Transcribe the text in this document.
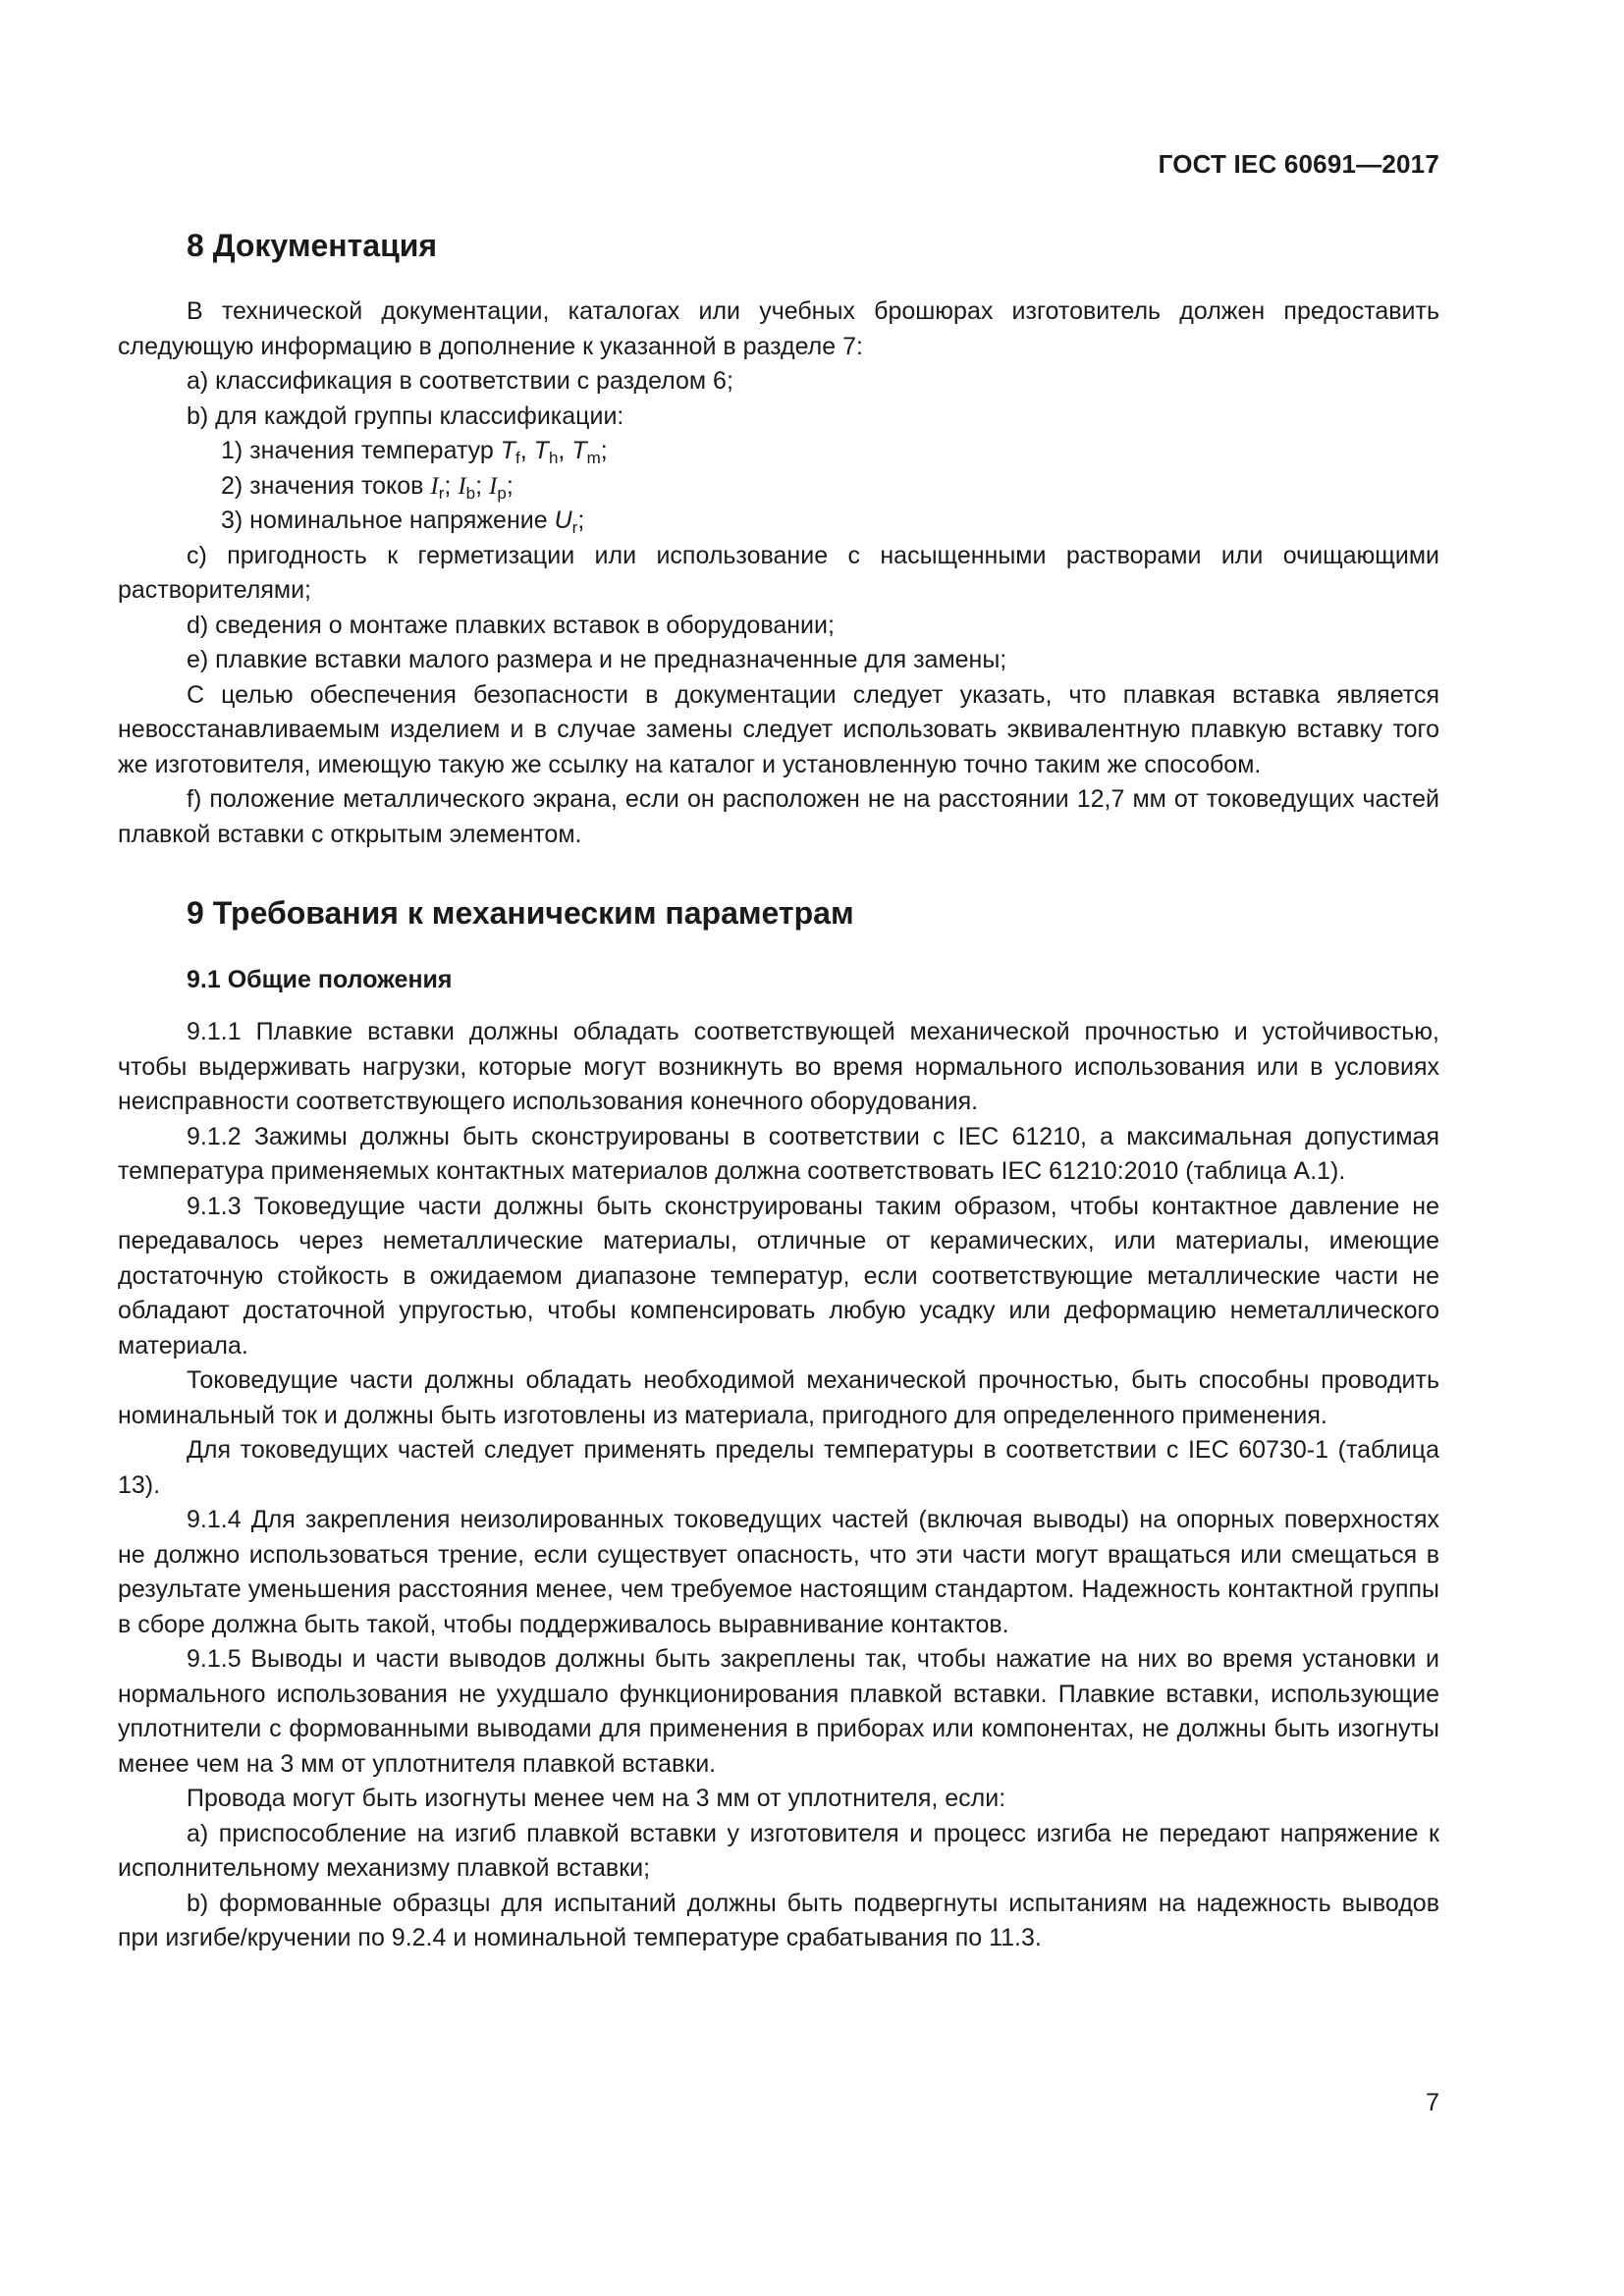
ГОСТ IEC 60691—2017
8 Документация

В технической документации, каталогах или учебных брошюрах изготовитель должен предоставить следующую информацию в дополнение к указанной в разделе 7:

a) классификация в соответствии с разделом 6;

b) для каждой группы классификации:

1) значения температур $T_f$, $T_h$, $T_m$;

2) значения токов $I_r$; $I_b$; $I_p$;

3) номинальное напряжение $U_r$;

c) пригодность к герметизации или использование с насыщенными растворами или очищающими растворителями;

d) сведения о монтаже плавких вставок в оборудовании;

e) плавкие вставки малого размера и не предназначенные для замены;

С целью обеспечения безопасности в документации следует указать, что плавкая вставка является невосстанавливаемым изделием и в случае замены следует использовать эквивалентную плавкую вставку того же изготовителя, имеющую такую же ссылку на каталог и установленную точно таким же способом.

f) положение металлического экрана, если он расположен не на расстоянии 12,7 мм от токоведущих частей плавкой вставки с открытым элементом.

9 Требования к механическим параметрам
9.1 Общие положения

9.1.1 Плавкие вставки должны обладать соответствующей механической прочностью и устойчивостью, чтобы выдерживать нагрузки, которые могут возникнуть во время нормального использования или в условиях неисправности соответствующего использования конечного оборудования.

9.1.2 Зажимы должны быть сконструированы в соответствии с IEC 61210, а максимальная допустимая температура применяемых контактных материалов должна соответствовать IEC 61210:2010 (таблица А.1).

9.1.3 Токоведущие части должны быть сконструированы таким образом, чтобы контактное давление не передавалось через неметаллические материалы, отличные от керамических, или материалы, имеющие достаточную стойкость в ожидаемом диапазоне температур, если соответствующие металлические части не обладают достаточной упругостью, чтобы компенсировать любую усадку или деформацию неметаллического материала.

Токоведущие части должны обладать необходимой механической прочностью, быть способны проводить номинальный ток и должны быть изготовлены из материала, пригодного для определенного применения.

Для токоведущих частей следует применять пределы температуры в соответствии с IEC 60730-1 (таблица 13).

9.1.4 Для закрепления неизолированных токоведущих частей (включая выводы) на опорных поверхностях не должно использоваться трение, если существует опасность, что эти части могут вращаться или смещаться в результате уменьшения расстояния менее, чем требуемое настоящим стандартом. Надежность контактной группы в сборе должна быть такой, чтобы поддерживалось выравнивание контактов.

9.1.5 Выводы и части выводов должны быть закреплены так, чтобы нажатие на них во время установки и нормального использования не ухудшало функционирования плавкой вставки. Плавкие вставки, использующие уплотнители с формованными выводами для применения в приборах или компонентах, не должны быть изогнуты менее чем на 3 мм от уплотнителя плавкой вставки.

Провода могут быть изогнуты менее чем на 3 мм от уплотнителя, если:

a) приспособление на изгиб плавкой вставки у изготовителя и процесс изгиба не передают напряжение к исполнительному механизму плавкой вставки;

b) формованные образцы для испытаний должны быть подвергнуты испытаниям на надежность выводов при изгибе/кручении по 9.2.4 и номинальной температуре срабатывания по 11.3.

7
